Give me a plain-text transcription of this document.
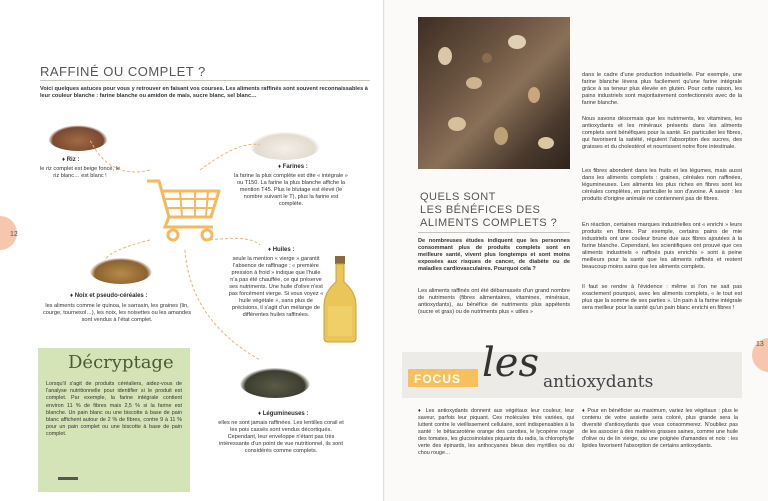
12
RAFFINÉ OU COMPLET ?

Voici quelques astuces pour vous y retrouver en faisant vos courses. Les aliments raffinés sont souvent reconnaissables à leur couleur blanche : farine blanche ou amidon de maïs, sucre blanc, sel blanc…

♦ Riz :

le riz complet est beige foncé, le riz blanc… est blanc !

♦ Farines :

la farine la plus complète est dite « intégrale » ou T150. La farine la plus blanche affiche la mention T45. Plus le blutage est élevé (le nombre suivant le T), plus la farine est complète.

♦ Huiles :

seule la mention « vierge » garantit l'absence de raffinage ; « première pression à froid » indique que l'huile n'a pas été chauffée, ce qui préserve ses nutriments. Une huile d'olive n'est pas forcément vierge. Si vous voyez « huile végétale », sans plus de précisions, il s'agit d'un mélange de différentes huiles raffinées.

♦ Noix et pseudo-céréales :

les aliments comme le quinoa, le sarrasin, les graines (lin, courge, tournesol…), les noix, les noisettes ou les amandes sont vendus à l'état complet.

♦ Légumineuses :

elles ne sont jamais raffinées. Les lentilles corail et les pois cassés sont vendus décortiqués. Cependant, leur enveloppe n'étant pas très intéressante d'un point de vue nutritionnel, ils sont considérés comme complets.

Décryptage

Lorsqu'il s'agit de produits céréaliers, aidez-vous de l'analyse nutritionnelle pour identifier si le produit est complet. Par exemple, la farine intégrale contient environ 11 % de fibres mais 2,5 % si la farine est blanche. Un pain blanc ou une biscotte à base de pain blanc affichent autour de 2 % de fibres, contre 9 à 11 % pour un pain complet ou une biscotte à base de pain complet.

13
QUELS SONT
LES BÉNÉFICES DES
ALIMENTS COMPLETS ?

De nombreuses études indiquent que les personnes consommant plus de produits complets sont en meilleure santé, vivent plus longtemps et sont moins exposées aux risques de cancer, de diabète ou de maladies cardiovasculaires. Pourquoi cela ?

Les aliments raffinés ont été débarrassés d'un grand nombre de nutriments (fibres alimentaires, vitamines, minéraux, antioxydants), au bénéfice de nutriments plus appétents (sucre et gras) ou de nutriments plus « utiles »

dans le cadre d'une production industrielle. Par exemple, une farine blanche lèvera plus facilement qu'une farine intégrale grâce à sa teneur plus élevée en gluten. Pour cette raison, les pains industriels sont majoritairement confectionnés avec de la farine blanche.

Nous savons désormais que les nutriments, les vitamines, les antioxydants et les minéraux présents dans les aliments complets sont bénéfiques pour la santé. En particulier les fibres, qui favorisent la satiété, régulent l'absorption des sucres, des graisses et du cholestérol et nourrissent notre flore intestinale.

Les fibres abondent dans les fruits et les légumes, mais aussi dans les aliments complets : graines, céréales non raffinées, légumineuses. Les aliments les plus riches en fibres sont les céréales complètes, en particulier le son d'avoine. À savoir : les produits d'origine animale ne contiennent pas de fibres.

En réaction, certaines marques industrielles ont « enrichi » leurs produits en fibres. Par exemple, certains pains de mie industriels ont une couleur brune due aux fibres ajoutées à la farine blanche. Cependant, les scientifiques ont prouvé que ces aliments industriels « raffinés puis enrichis » sont à peine meilleurs pour la santé que les aliments raffinés et restent beaucoup moins sains que les aliments complets.

Il faut se rendre à l'évidence : même si l'on ne sait pas exactement pourquoi, avec les aliments complets, « le tout est plus que la somme de ses parties ». Un pain à la farine intégrale sera meilleur pour la santé qu'un pain blanc enrichi en fibres !

FOCUS les antioxydants

♦ Les antioxydants donnent aux végétaux leur couleur, leur saveur, parfois leur piquant. Ces molécules très variées, qui luttent contre le vieillissement cellulaire, sont indispensables à la santé : le bêtacarotène orange des carottes, le lycopène rouge des tomates, les glucosinolates piquants du radis, la chlorophylle verte des épinards, les anthocyanes bleus des myrtilles ou du chou rouge…

♦ Pour en bénéficier au maximum, variez les végétaux : plus le contenu de votre assiette sera coloré, plus grande sera la diversité d'antioxydants que vous consommerez. N'oubliez pas de les associer à des matières grasses saines, comme une huile d'olive ou de lin vierge, ou une poignée d'amandes et noix : les lipides favorisent l'absorption de certains antioxydants.
